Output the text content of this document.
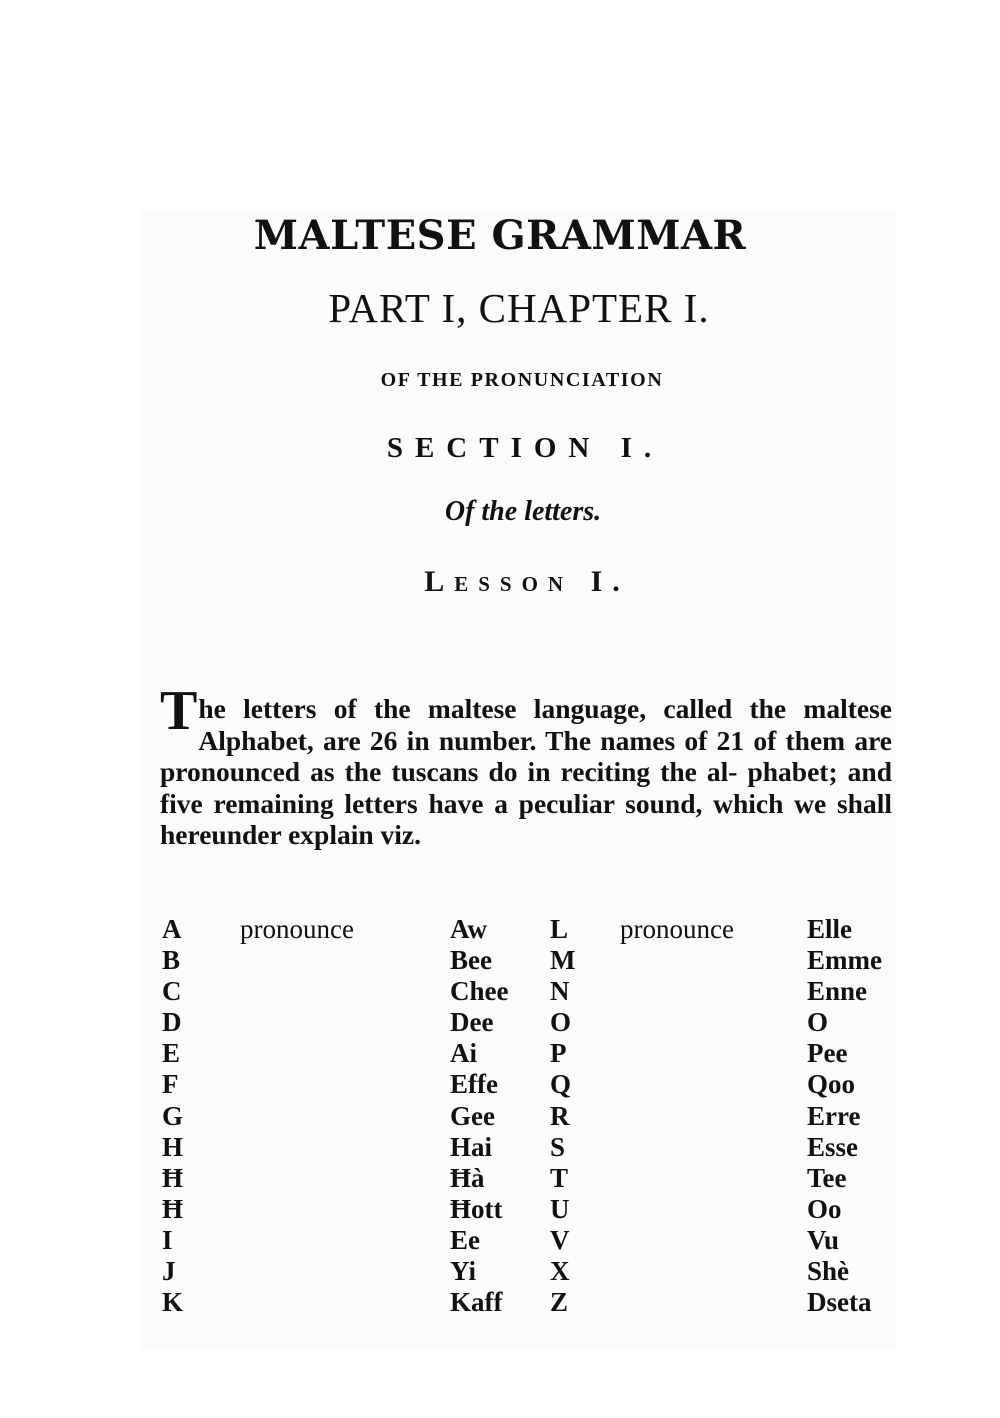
MALTESE GRAMMAR
PART I, CHAPTER I.
OF THE PRONUNCIATION
SECTION I.
Of the letters.
Lesson I.
The letters of the maltese language, called the maltese Alphabet, are 26 in number. The names of 21 of them are pronounced as the tuscans do in reciting the al- phabet; and five remaining letters have a peculiar sound, which we shall hereunder explain viz.
A pronounce	Aw L pronounce	Elle
B	Bee M	Emme
C	Chee N	Enne
D	Dee O	O
E	Ai	P	Pee
F	Effe Q	Qoo
G	Gee R	Erre
H	Hai S	Esse
Ħ	Ħà T	Tee
Ħ	Ħott U	Oo
I	Ee	V	Vu
J	Yi	X	Shè
K	Kaff Z	Dseta
